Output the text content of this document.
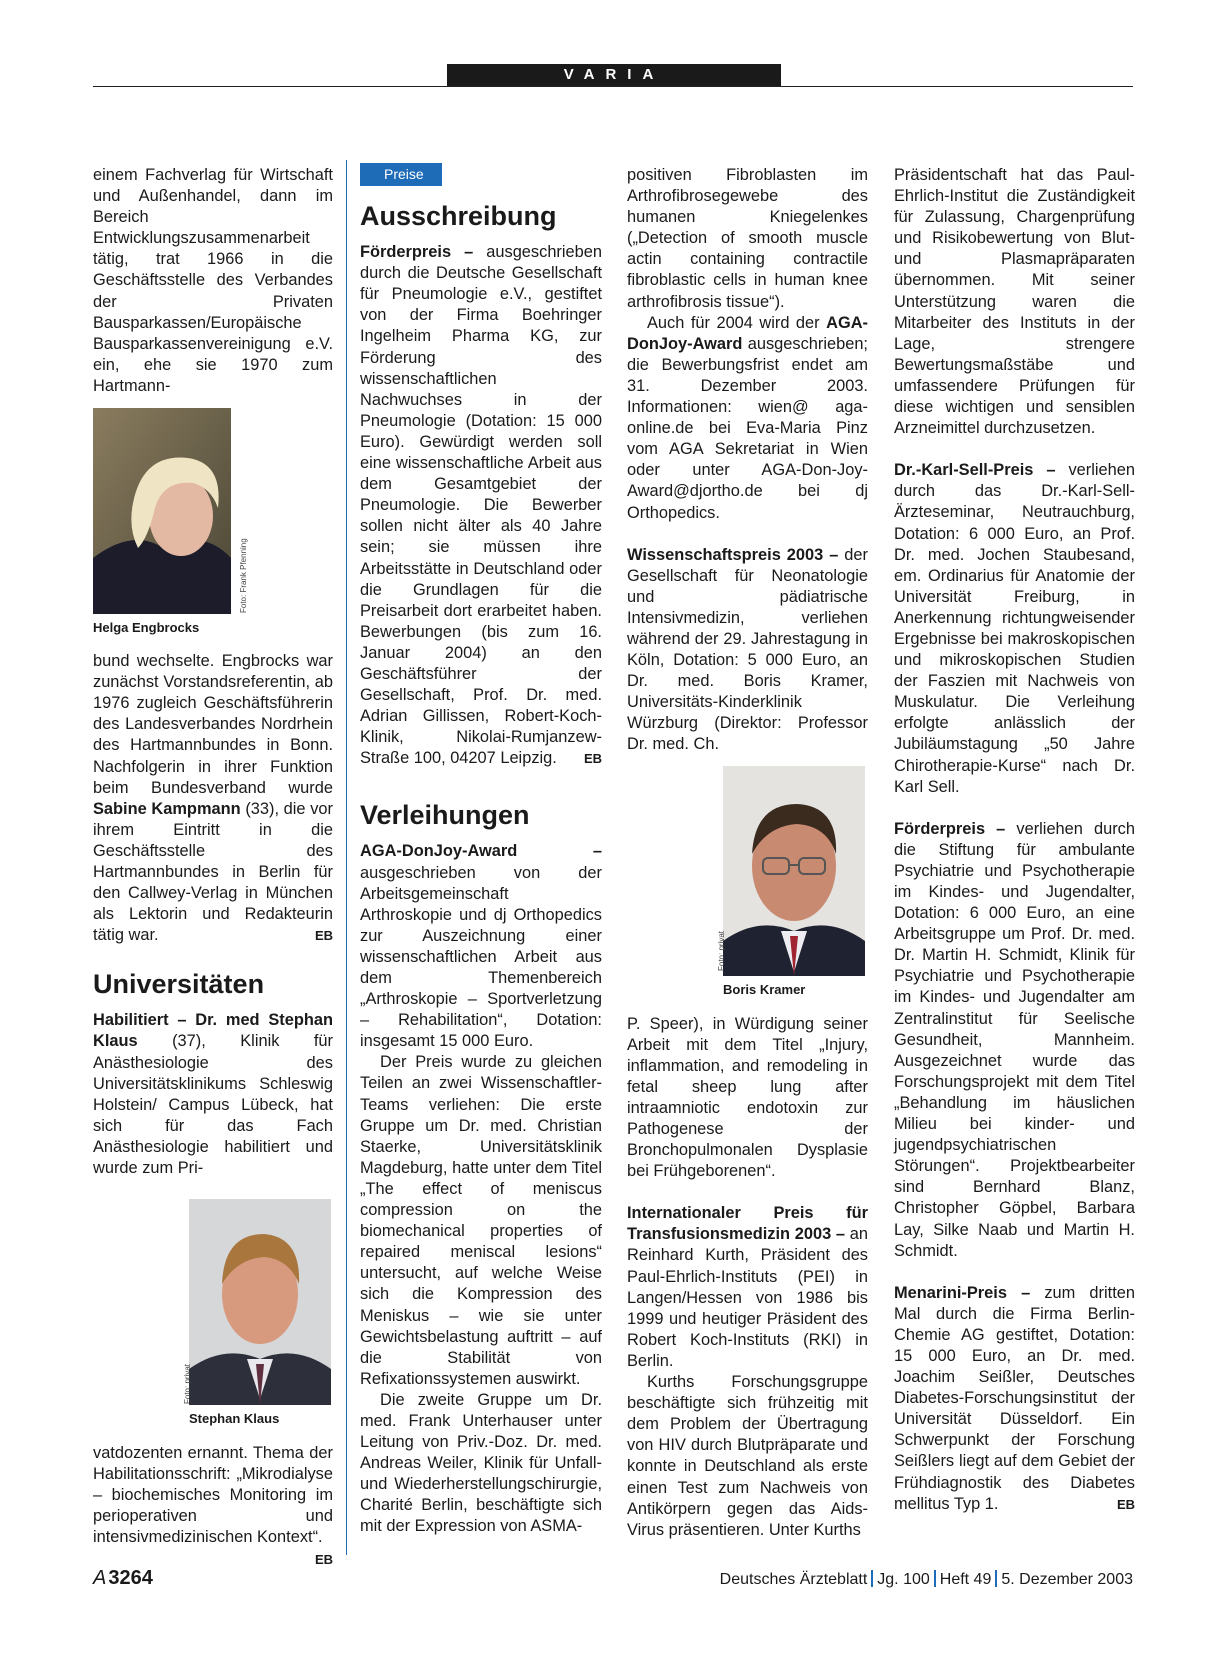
VARIA

einem Fachverlag für Wirtschaft und Außenhandel, dann im Bereich Entwicklungszusammenarbeit tätig, trat 1966 in die Geschäftsstelle des Verbandes der Privaten Bausparkassen/Europäische Bausparkassenvereinigung e.V. ein, ehe sie 1970 zum Hartmann-

Foto: Frank Pfenning
Helga Engbrocks

bund wechselte. Engbrocks war zunächst Vorstandsreferentin, ab 1976 zugleich Geschäftsführerin des Landesverbandes Nordrhein des Hartmannbundes in Bonn. Nachfolgerin in ihrer Funktion beim Bundesverband wurde Sabine Kampmann (33), die vor ihrem Eintritt in die Geschäftsstelle des Hartmannbundes in Berlin für den Callwey-Verlag in München als Lektorin und Redakteurin tätig war.	EB

Universitäten

Habilitiert – Dr. med Stephan Klaus (37), Klinik für Anästhesiologie des Universitätsklinikums Schleswig Holstein/ Campus Lübeck, hat sich für das Fach Anästhesiologie habilitiert und wurde zum Pri-

Foto: privat
Stephan Klaus

vatdozenten ernannt. Thema der Habilitationsschrift: „Mikrodialyse – biochemisches Monitoring im perioperativen und intensivmedizinischen Kontext“.
EB

Preise
Ausschreibung

Förderpreis – ausgeschrieben durch die Deutsche Gesellschaft für Pneumologie e.V., gestiftet von der Firma Boehringer Ingelheim Pharma KG, zur Förderung des wissenschaftlichen Nachwuchses in der Pneumologie (Dotation: 15 000 Euro). Gewürdigt werden soll eine wissenschaftliche Arbeit aus dem Gesamtgebiet der Pneumologie. Die Bewerber sollen nicht älter als 40 Jahre sein; sie müssen ihre Arbeitsstätte in Deutschland oder die Grundlagen für die Preisarbeit dort erarbeitet haben. Bewerbungen (bis zum 16. Januar 2004) an den Geschäftsführer der Gesellschaft, Prof. Dr. med. Adrian Gillissen, Robert-Koch-Klinik, Nikolai-Rumjanzew-Straße 100, 04207 Leipzig. EB

Verleihungen

AGA-DonJoy-Award – ausgeschrieben von der Arbeitsgemeinschaft Arthroskopie und dj Orthopedics zur Auszeichnung einer wissenschaftlichen Arbeit aus dem Themenbereich „Arthroskopie – Sportverletzung – Rehabilitation“, Dotation: insgesamt 15 000 Euro.

Der Preis wurde zu gleichen Teilen an zwei Wissenschaftler-Teams verliehen: Die erste Gruppe um Dr. med. Christian Staerke, Universitätsklinik Magdeburg, hatte unter dem Titel „The effect of meniscus compression on the biomechanical properties of repaired meniscal lesions“ untersucht, auf welche Weise sich die Kompression des Meniskus – wie sie unter Gewichtsbelastung auftritt – auf die Stabilität von Refixationssystemen auswirkt.

Die zweite Gruppe um Dr. med. Frank Unterhauser unter Leitung von Priv.-Doz. Dr. med. Andreas Weiler, Klinik für Unfall- und Wiederherstellungschirurgie, Charité Berlin, beschäftigte sich mit der Expression von ASMA-

positiven Fibroblasten im Arthrofibrosegewebe des humanen Kniegelenkes („Detection of smooth muscle actin containing contractile fibroblastic cells in human knee arthrofibrosis tissue“).

Auch für 2004 wird der AGA-DonJoy-Award ausgeschrieben; die Bewerbungsfrist endet am 31. Dezember 2003. Informationen: wien@ aga-online.de bei Eva-Maria Pinz vom AGA Sekretariat in Wien oder unter AGA-Don-Joy-Award@djortho.de bei dj Orthopedics.

Wissenschaftspreis 2003 – der Gesellschaft für Neonatologie und pädiatrische Intensivmedizin, verliehen während der 29. Jahrestagung in Köln, Dotation: 5 000 Euro, an Dr. med. Boris Kramer, Universitäts-Kinderklinik Würzburg (Direktor: Professor Dr. med. Ch.

Foto: privat
Boris Kramer

P. Speer), in Würdigung seiner Arbeit mit dem Titel „Injury, inflammation, and remodeling in fetal sheep lung after intraamniotic endotoxin zur Pathogenese der Bronchopulmonalen Dysplasie bei Frühgeborenen“.

Internationaler Preis für Transfusionsmedizin 2003 – an Reinhard Kurth, Präsident des Paul-Ehrlich-Instituts (PEI) in Langen/Hessen von 1986 bis 1999 und heutiger Präsident des Robert Koch-Instituts (RKI) in Berlin.

Kurths Forschungsgruppe beschäftigte sich frühzeitig mit dem Problem der Übertragung von HIV durch Blutpräparate und konnte in Deutschland als erste einen Test zum Nachweis von Antikörpern gegen das Aids-Virus präsentieren. Unter Kurths

Präsidentschaft hat das Paul-Ehrlich-Institut die Zuständigkeit für Zulassung, Chargenprüfung und Risikobewertung von Blut- und Plasmapräparaten übernommen. Mit seiner Unterstützung waren die Mitarbeiter des Instituts in der Lage, strengere Bewertungsmaßstäbe und umfassendere Prüfungen für diese wichtigen und sensiblen Arzneimittel durchzusetzen.

Dr.-Karl-Sell-Preis – verliehen durch das Dr.-Karl-Sell-Ärzteseminar, Neutrauchburg, Dotation: 6 000 Euro, an Prof. Dr. med. Jochen Staubesand, em. Ordinarius für Anatomie der Universität Freiburg, in Anerkennung richtungweisender Ergebnisse bei makroskopischen und mikroskopischen Studien der Faszien mit Nachweis von Muskulatur. Die Verleihung erfolgte anlässlich der Jubiläumstagung „50 Jahre Chirotherapie-Kurse“ nach Dr. Karl Sell.

Förderpreis – verliehen durch die Stiftung für ambulante Psychiatrie und Psychotherapie im Kindes- und Jugendalter, Dotation: 6 000 Euro, an eine Arbeitsgruppe um Prof. Dr. med. Dr. Martin H. Schmidt, Klinik für Psychiatrie und Psychotherapie im Kindes- und Jugendalter am Zentralinstitut für Seelische Gesundheit, Mannheim. Ausgezeichnet wurde das Forschungsprojekt mit dem Titel „Behandlung im häuslichen Milieu bei kinder- und jugendpsychiatrischen Störungen“. Projektbearbeiter sind Bernhard Blanz, Christopher Göpbel, Barbara Lay, Silke Naab und Martin H. Schmidt.

Menarini-Preis – zum dritten Mal durch die Firma Berlin-Chemie AG gestiftet, Dotation: 15 000 Euro, an Dr. med. Joachim Seißler, Deutsches Diabetes-Forschungsinstitut der Universität Düsseldorf. Ein Schwerpunkt der Forschung Seißlers liegt auf dem Gebiet der Frühdiagnostik des Diabetes mellitus Typ 1.	EB

A 3264	Deutsches Ärzteblatt Jg. 100 Heft 49 5. Dezember 2003
